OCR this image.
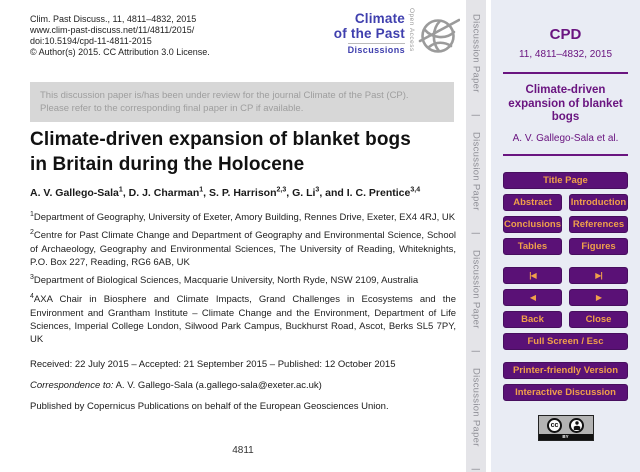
Clim. Past Discuss., 11, 4811–4832, 2015
www.clim-past-discuss.net/11/4811/2015/
doi:10.5194/cpd-11-4811-2015
© Author(s) 2015. CC Attribution 3.0 License.
Climate
of the Past
Discussions Open Access
This discussion paper is/has been under review for the journal Climate of the Past (CP).
Please refer to the corresponding final paper in CP if available.
Climate-driven expansion of blanket bogs
in Britain during the Holocene
A. V. Gallego-Sala$^1$, D. J. Charman$^1$, S. P. Harrison$^{2,3}$, G. Li$^3$, and I. C. Prentice$^{3,4}$
$^1$Department of Geography, University of Exeter, Amory Building, Rennes Drive, Exeter, EX4 4RJ, UK
$^2$Centre for Past Climate Change and Department of Geography and Environmental Science, School of Archaeology, Geography and Environmental Sciences, The University of Reading, Whiteknights, P.O. Box 227, Reading, RG6 6AB, UK
$^3$Department of Biological Sciences, Macquarie University, North Ryde, NSW 2109, Australia
$^4$AXA Chair in Biosphere and Climate Impacts, Grand Challenges in Ecosystems and the Environment and Grantham Institute – Climate Change and the Environment, Department of Life Sciences, Imperial College London, Silwood Park Campus, Buckhurst Road, Ascot, Berks SL5 7PY, UK
Received: 22 July 2015 – Accepted: 21 September 2015 – Published: 12 October 2015
Correspondence to: A. V. Gallego-Sala (a.gallego-sala@exeter.ac.uk)
Published by Copernicus Publications on behalf of the European Geosciences Union.
4811
Discussion Paper
|
Discussion Paper
|
Discussion Paper
|
Discussion Paper
|
CPD
11, 4811–4832, 2015
Climate-driven expansion of blanket bogs
A. V. Gallego-Sala et al.
Title Page
Abstract	Introduction
Conclusions	References
Tables	Figures
|◀	▶|
◀	▶
Back	Close
Full Screen / Esc
Printer-friendly Version
Interactive Discussion
cc
BY
